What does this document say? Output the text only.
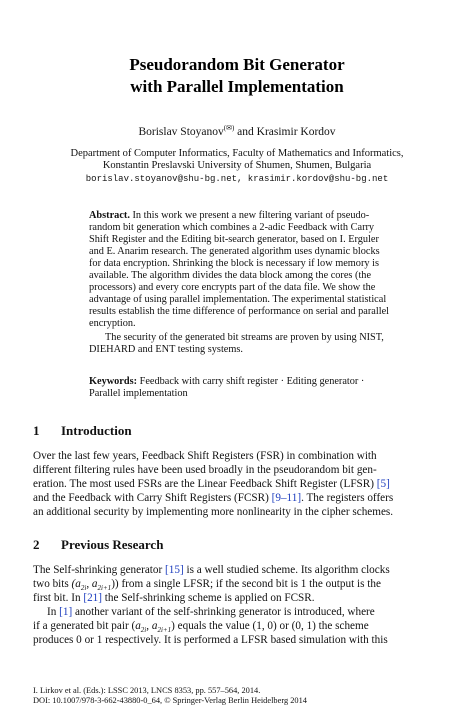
Pseudorandom Bit Generator
with Parallel Implementation
Borislav Stoyanov(✉) and Krasimir Kordov
Department of Computer Informatics, Faculty of Mathematics and Informatics,
Konstantin Preslavski University of Shumen, Shumen, Bulgaria
borislav.stoyanov@shu-bg.net, krasimir.kordov@shu-bg.net
Abstract. In this work we present a new filtering variant of pseudo-
random bit generation which combines a 2-adic Feedback with Carry
Shift Register and the Editing bit-search generator, based on I. Erguler
and E. Anarim research. The generated algorithm uses dynamic blocks
for data encryption. Shrinking the block is necessary if low memory is
available. The algorithm divides the data block among the cores (the
processors) and every core encrypts part of the data file. We show the
advantage of using parallel implementation. The experimental statistical
results establish the time difference of performance on serial and parallel
encryption.
The security of the generated bit streams are proven by using NIST,
DIEHARD and ENT testing systems.
Keywords: Feedback with carry shift register · Editing generator ·
Parallel implementation
1 Introduction
Over the last few years, Feedback Shift Registers (FSR) in combination with
different filtering rules have been used broadly in the pseudorandom bit gen-
eration. The most used FSRs are the Linear Feedback Shift Register (LFSR) [5]
and the Feedback with Carry Shift Registers (FCSR) [9–11]. The registers offers
an additional security by implementing more nonlinearity in the cipher schemes.
2 Previous Research
The Self-shrinking generator [15] is a well studied scheme. Its algorithm clocks
two bits ($a_{2i}$, $a_{2i+1}$)) from a single LFSR; if the second bit is 1 the output is the
first bit. In [21] the Self-shrinking scheme is applied on FCSR.
In [1] another variant of the self-shrinking generator is introduced, where
if a generated bit pair ($a_{2i}$, $a_{2i+1}$) equals the value (1, 0) or (0, 1) the scheme
produces 0 or 1 respectively. It is performed a LFSR based simulation with this
I. Lirkov et al. (Eds.): LSSC 2013, LNCS 8353, pp. 557–564, 2014.
DOI: 10.1007/978-3-662-43880-0_64, © Springer-Verlag Berlin Heidelberg 2014
